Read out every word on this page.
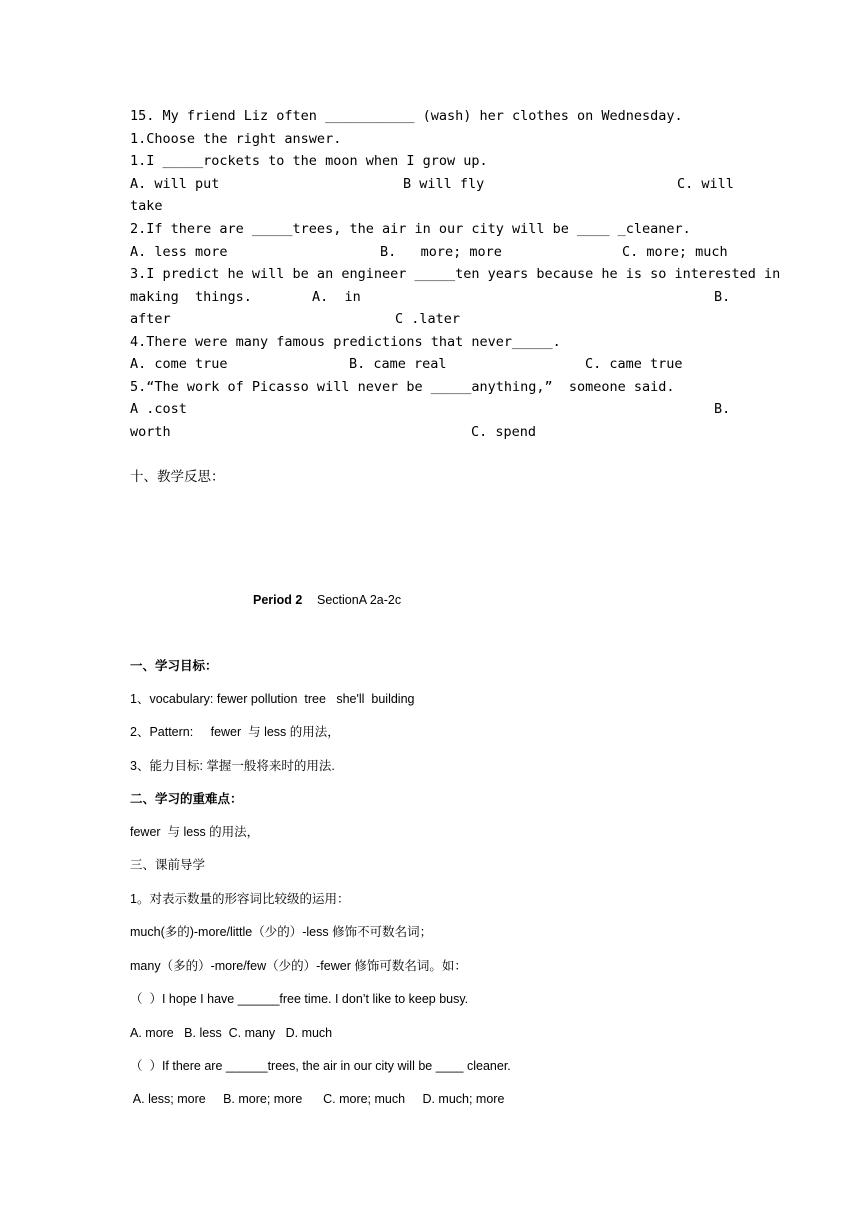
15. My friend Liz often ___________ (wash) her clothes on Wednesday.
1.Choose the right answer.
1.I _____rockets to the moon when I grow up.
A. will put	B will fly	C. will
take
2.If there are _____trees, the air in our city will be ____ _cleaner.
A. less more	B.   more; more	C. more; much
3.I predict he will be an engineer _____ten years because he is so interested in
making  things.	A.  in	B.
after	C .later
4.There were many famous predictions that never_____.
A. come true	B. came real	C. came true
5.“The work of Picasso will never be _____anything,”  someone said.
A .cost	B.
worth	C. spend
十、教学反思：
Period 2 SectionA 2a-2c
一、学习目标：
1、vocabulary: fewer pollution  tree   she'll  building
2、Pattern:     fewer  与 less 的用法，
3、能力目标: 掌握一般将来时的用法.
二、学习的重难点：
fewer  与 less 的用法，
三、课前导学
1。对表示数量的形容词比较级的运用：
much(多的)-more/little（少的）-less 修饰不可数名词；
many（多的）-more/few（少的）-fewer 修饰可数名词。如：
（  ）I hope I have ______free time. I don’t like to keep busy.
A. more   B. less  C. many   D. much
（  ）If there are ______trees, the air in our city will be ____ cleaner.
A. less; more     B. more; more      C. more; much     D. much; more
